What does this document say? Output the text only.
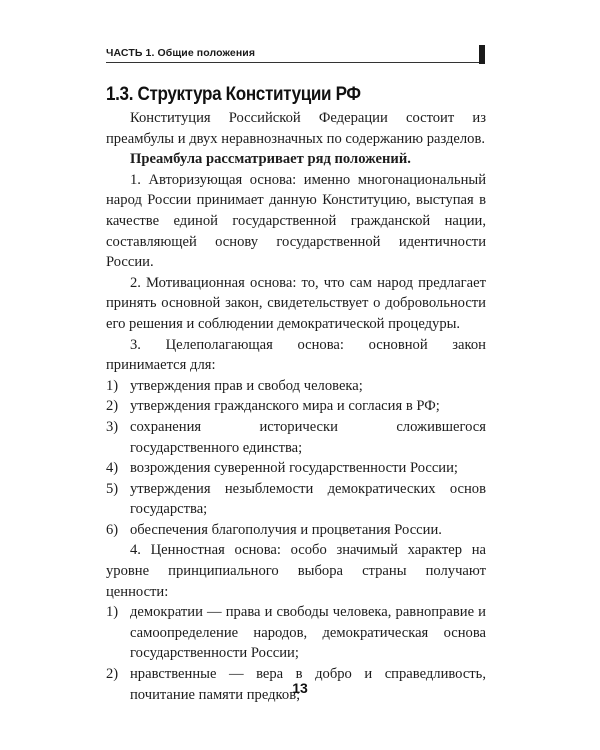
ЧАСТЬ 1. Общие положения
1.3. Структура Конституции РФ

Конституция Российской Федерации состоит из преамбулы и двух неравнозначных по содержанию разделов.

Преамбула рассматривает ряд положений.

1. Авторизующая основа: именно многонациональный народ России принимает данную Конституцию, выступая в качестве единой государственной гражданской нации, составляющей основу государственной идентичности России.

2. Мотивационная основа: то, что сам народ предлагает принять основной закон, свидетельствует о добровольности его решения и соблюдении демократической процедуры.

3. Целеполагающая основа: основной закон принимается для:

1) утверждения прав и свобод человека;
2) утверждения гражданского мира и согласия в РФ;
3) сохранения исторически сложившегося государственного единства;
4) возрождения суверенной государственности России;
5) утверждения незыблемости демократических основ государства;
6) обеспечения благополучия и процветания России.

4. Ценностная основа: особо значимый характер на уровне принципиального выбора страны получают ценности:

1) демократии — права и свободы человека, равноправие и самоопределение народов, демократическая основа государственности России;
2) нравственные — вера в добро и справедливость, почитание памяти предков;
13
